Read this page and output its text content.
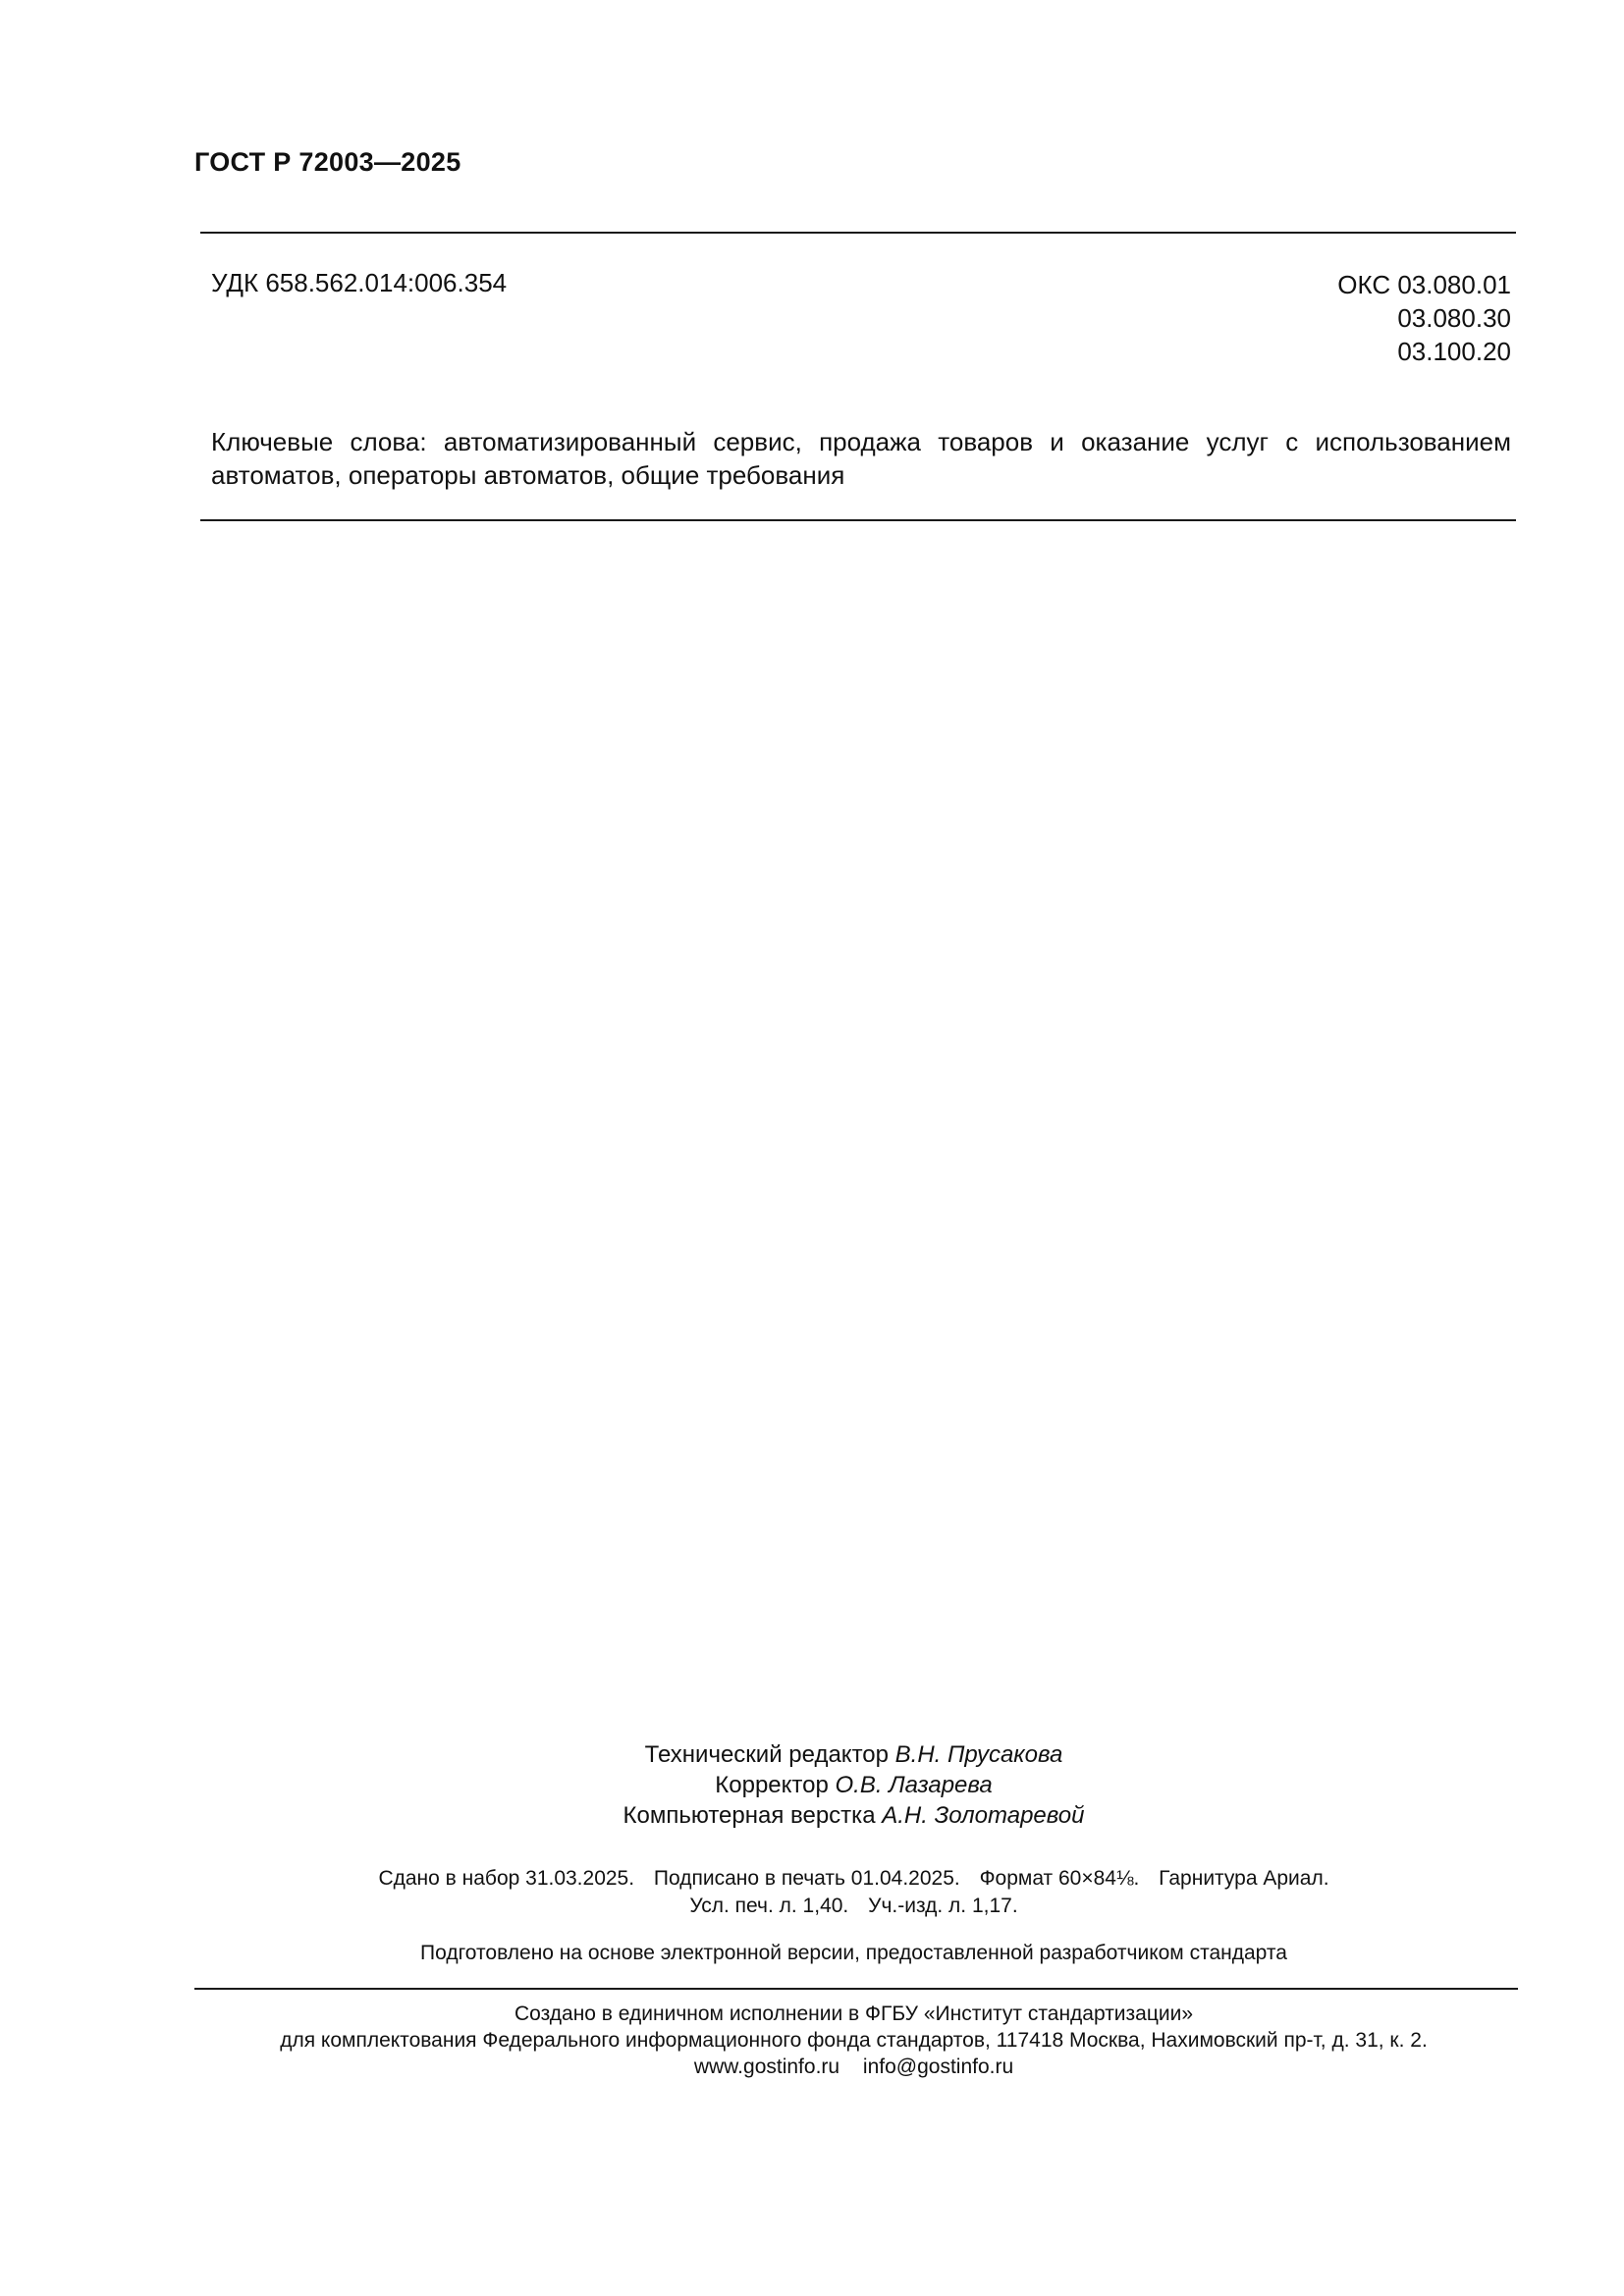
ГОСТ Р 72003—2025
УДК 658.562.014:006.354	ОКС 03.080.01
03.080.30
03.100.20
Ключевые слова: автоматизированный сервис, продажа товаров и оказание услуг с использованием автоматов, операторы автоматов, общие требования
Технический редактор В.Н. Прусакова
Корректор О.В. Лазарева
Компьютерная верстка А.Н. Золотаревой
Сдано в набор 31.03.2025. Подписано в печать 01.04.2025. Формат 60×84⅛. Гарнитура Ариал.
Усл. печ. л. 1,40. Уч.-изд. л. 1,17.
Подготовлено на основе электронной версии, предоставленной разработчиком стандарта
Создано в единичном исполнении в ФГБУ «Институт стандартизации»
для комплектования Федерального информационного фонда стандартов, 117418 Москва, Нахимовский пр-т, д. 31, к. 2.
www.gostinfo.ru info@gostinfo.ru
